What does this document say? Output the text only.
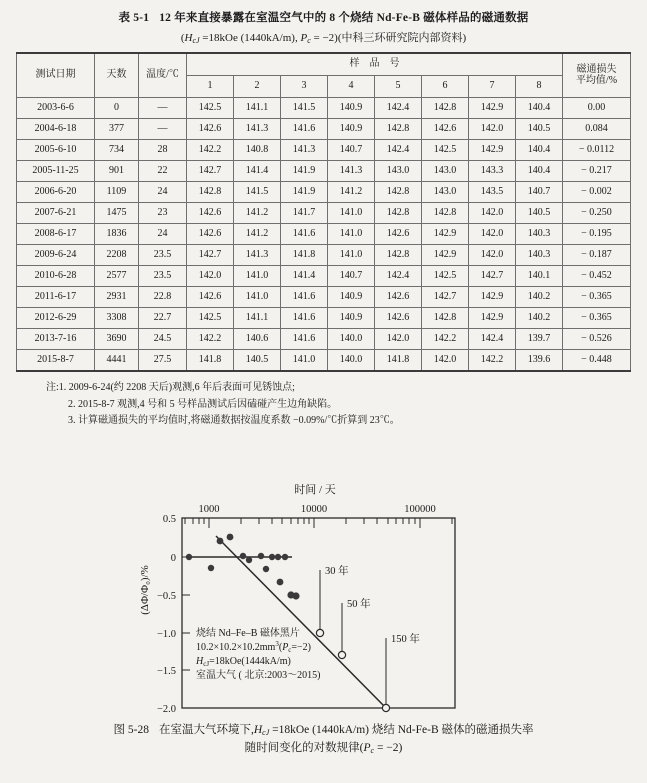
表 5-1 12 年来直接暴露在室温空气中的 8 个烧结 Nd-Fe-B 磁体样品的磁通数据
(HcJ =18kOe (1440kA/m), Pc = −2)(中科三环研究院内部资料)
测试日期	天数	温度/℃	样　品　号								磁通损失
平均值/%

			1	2	3	4	5	6	7	8	
2003-6-6	0	—	142.5	141.1	141.5	140.9	142.4	142.8	142.9	140.4	0.00
2004-6-18	377	—	142.6	141.3	141.6	140.9	142.8	142.6	142.0	140.5	0.084
2005-6-10	734	28	142.2	140.8	141.3	140.7	142.4	142.5	142.9	140.4	− 0.0112
2005-11-25	901	22	142.7	141.4	141.9	141.3	143.0	143.0	143.3	140.4	− 0.217
2006-6-20	1109	24	142.8	141.5	141.9	141.2	142.8	143.0	143.5	140.7	− 0.002
2007-6-21	1475	23	142.6	141.2	141.7	141.0	142.8	142.8	142.0	140.5	− 0.250
2008-6-17	1836	24	142.6	141.2	141.6	141.0	142.6	142.9	142.0	140.3	− 0.195
2009-6-24	2208	23.5	142.7	141.3	141.8	141.0	142.8	142.9	142.0	140.3	− 0.187
2010-6-28	2577	23.5	142.0	141.0	141.4	140.7	142.4	142.5	142.7	140.1	− 0.452
2011-6-17	2931	22.8	142.6	141.0	141.6	140.9	142.6	142.7	142.9	140.2	− 0.365
2012-6-29	3308	22.7	142.5	141.1	141.6	140.9	142.6	142.8	142.9	140.2	− 0.365
2013-7-16	3690	24.5	142.2	140.6	141.6	140.0	142.0	142.2	142.4	139.7	− 0.526
2015-8-7	4441	27.5	141.8	140.5	141.0	140.0	141.8	142.0	142.2	139.6	− 0.448
注:1. 2009-6-24(约 2208 天后)观测,6 年后表面可见锈蚀点;
2. 2015-8-7 观测,4 号和 5 号样品测试后因磕碰产生边角缺陷。
3. 计算磁通损失的平均值时,将磁通数据按温度系数 −0.09%/℃折算到 23℃。
时间 / 天
(ΔΦ/Φ₀)/%
1000	10000	100000
0.5
0
−0.5
−1.0
−1.5
−2.0
30 年
50 年
150 年
烧结 Nd–Fe–B 磁体黑片
$10.2\times 10.2\times 10.2mm^3(P_c=-2)$
$H_{cJ}=18kOe(1444kA/m)$
室温大气 ( 北京:2003～2015)
图 5-28 在室温大气环境下,HcJ =18kOe (1440kA/m) 烧结 Nd-Fe-B 磁体的磁通损失率
随时间变化的对数规律(Pc = −2)
